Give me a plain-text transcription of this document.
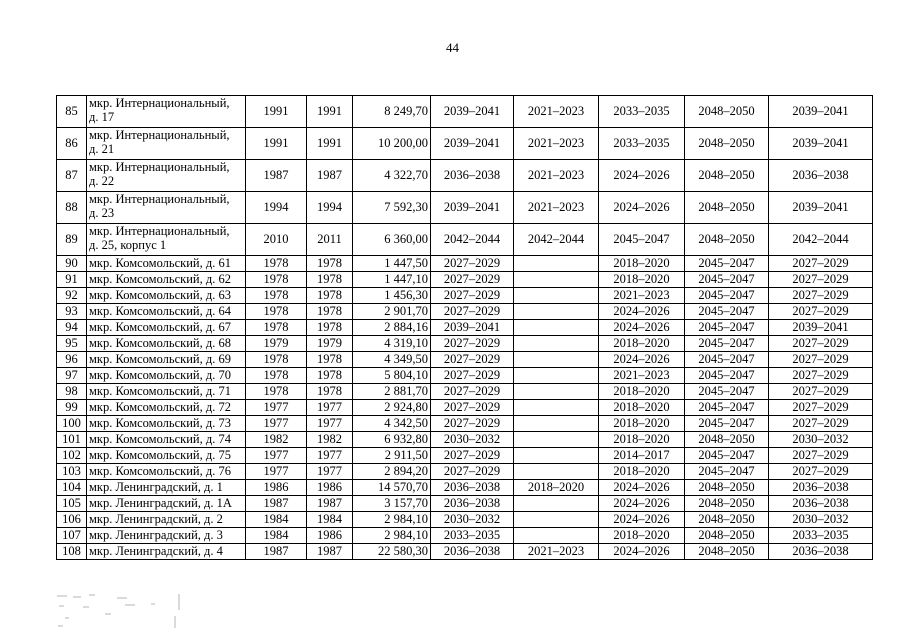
44
85	мкр. Интернациональный, д. 17	1991	1991	8 249,70	2039–2041	2021–2023	2033–2035	2048–2050	2039–2041
86	мкр. Интернациональный, д. 21	1991	1991	10 200,00	2039–2041	2021–2023	2033–2035	2048–2050	2039–2041
87	мкр. Интернациональный, д. 22	1987	1987	4 322,70	2036–2038	2021–2023	2024–2026	2048–2050	2036–2038
88	мкр. Интернациональный, д. 23	1994	1994	7 592,30	2039–2041	2021–2023	2024–2026	2048–2050	2039–2041
89	мкр. Интернациональный, д. 25, корпус 1	2010	2011	6 360,00	2042–2044	2042–2044	2045–2047	2048–2050	2042–2044
90	мкр. Комсомольский, д. 61	1978	1978	1 447,50	2027–2029		2018–2020	2045–2047	2027–2029
91	мкр. Комсомольский, д. 62	1978	1978	1 447,10	2027–2029		2018–2020	2045–2047	2027–2029
92	мкр. Комсомольский, д. 63	1978	1978	1 456,30	2027–2029		2021–2023	2045–2047	2027–2029
93	мкр. Комсомольский, д. 64	1978	1978	2 901,70	2027–2029		2024–2026	2045–2047	2027–2029
94	мкр. Комсомольский, д. 67	1978	1978	2 884,16	2039–2041		2024–2026	2045–2047	2039–2041
95	мкр. Комсомольский, д. 68	1979	1979	4 319,10	2027–2029		2018–2020	2045–2047	2027–2029
96	мкр. Комсомольский, д. 69	1978	1978	4 349,50	2027–2029		2024–2026	2045–2047	2027–2029
97	мкр. Комсомольский, д. 70	1978	1978	5 804,10	2027–2029		2021–2023	2045–2047	2027–2029
98	мкр. Комсомольский, д. 71	1978	1978	2 881,70	2027–2029		2018–2020	2045–2047	2027–2029
99	мкр. Комсомольский, д. 72	1977	1977	2 924,80	2027–2029		2018–2020	2045–2047	2027–2029
100	мкр. Комсомольский, д. 73	1977	1977	4 342,50	2027–2029		2018–2020	2045–2047	2027–2029
101	мкр. Комсомольский, д. 74	1982	1982	6 932,80	2030–2032		2018–2020	2048–2050	2030–2032
102	мкр. Комсомольский, д. 75	1977	1977	2 911,50	2027–2029		2014–2017	2045–2047	2027–2029
103	мкр. Комсомольский, д. 76	1977	1977	2 894,20	2027–2029		2018–2020	2045–2047	2027–2029
104	мкр. Ленинградский, д. 1	1986	1986	14 570,70	2036–2038	2018–2020	2024–2026	2048–2050	2036–2038
105	мкр. Ленинградский, д. 1А	1987	1987	3 157,70	2036–2038		2024–2026	2048–2050	2036–2038
106	мкр. Ленинградский, д. 2	1984	1984	2 984,10	2030–2032		2024–2026	2048–2050	2030–2032
107	мкр. Ленинградский, д. 3	1984	1986	2 984,10	2033–2035		2018–2020	2048–2050	2033–2035
108	мкр. Ленинградский, д. 4	1987	1987	22 580,30	2036–2038	2021–2023	2024–2026	2048–2050	2036–2038
